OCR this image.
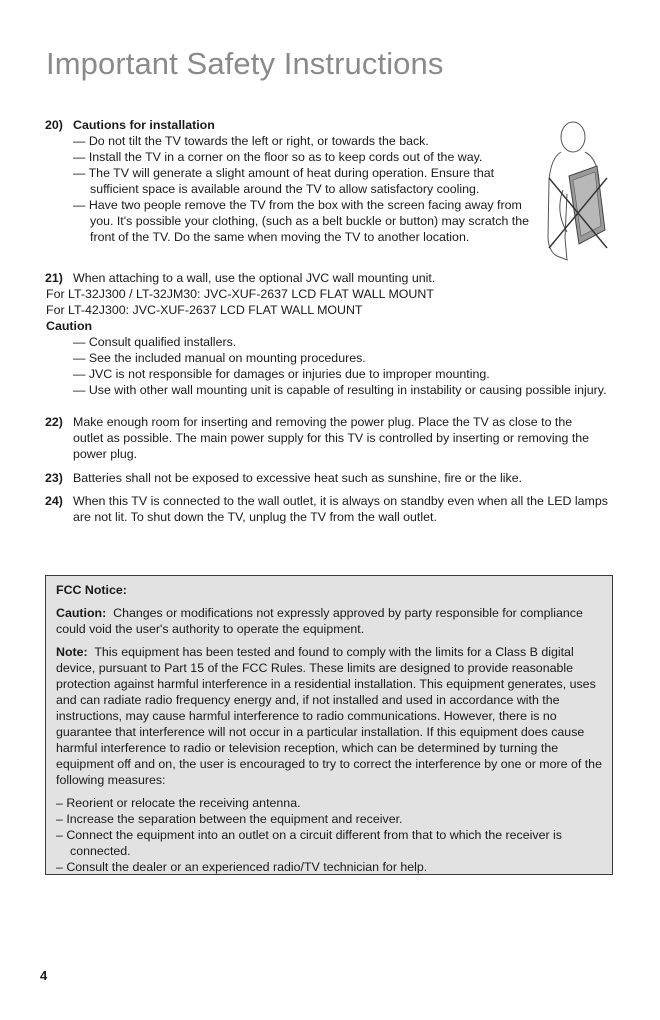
Important Safety Instructions
20) Cautions for installation
— Do not tilt the TV towards the left or right, or towards the back.
— Install the TV in a corner on the floor so as to keep cords out of the way.
— The TV will generate a slight amount of heat during operation. Ensure that sufficient space is available around the TV to allow satisfactory cooling.
— Have two people remove the TV from the box with the screen facing away from you. It's possible your clothing, (such as a belt buckle or button) may scratch the front of the TV. Do the same when moving the TV to another location.
21) When attaching to a wall, use the optional JVC wall mounting unit.
For LT-32J300 / LT-32JM30: JVC-XUF-2637 LCD FLAT WALL MOUNT
For LT-42J300: JVC-XUF-2637 LCD FLAT WALL MOUNT
Caution
— Consult qualified installers.
— See the included manual on mounting procedures.
— JVC is not responsible for damages or injuries due to improper mounting.
— Use with other wall mounting unit is capable of resulting in instability or causing possible injury.
22) Make enough room for inserting and removing the power plug. Place the TV as close to the outlet as possible. The main power supply for this TV is controlled by inserting or removing the power plug.
23) Batteries shall not be exposed to excessive heat such as sunshine, fire or the like.
24) When this TV is connected to the wall outlet, it is always on standby even when all the LED lamps are not lit. To shut down the TV, unplug the TV from the wall outlet.

FCC Notice:

Caution: Changes or modifications not expressly approved by party responsible for compliance could void the user's authority to operate the equipment.

Note: This equipment has been tested and found to comply with the limits for a Class B digital device, pursuant to Part 15 of the FCC Rules. These limits are designed to provide reasonable protection against harmful interference in a residential installation. This equipment generates, uses and can radiate radio frequency energy and, if not installed and used in accordance with the instructions, may cause harmful interference to radio communications. However, there is no guarantee that interference will not occur in a particular installation. If this equipment does cause harmful interference to radio or television reception, which can be determined by turning the equipment off and on, the user is encouraged to try to correct the interference by one or more of the following measures:

– Reorient or relocate the receiving antenna.

– Increase the separation between the equipment and receiver.

– Connect the equipment into an outlet on a circuit different from that to which the receiver is connected.

– Consult the dealer or an experienced radio/TV technician for help.

4
